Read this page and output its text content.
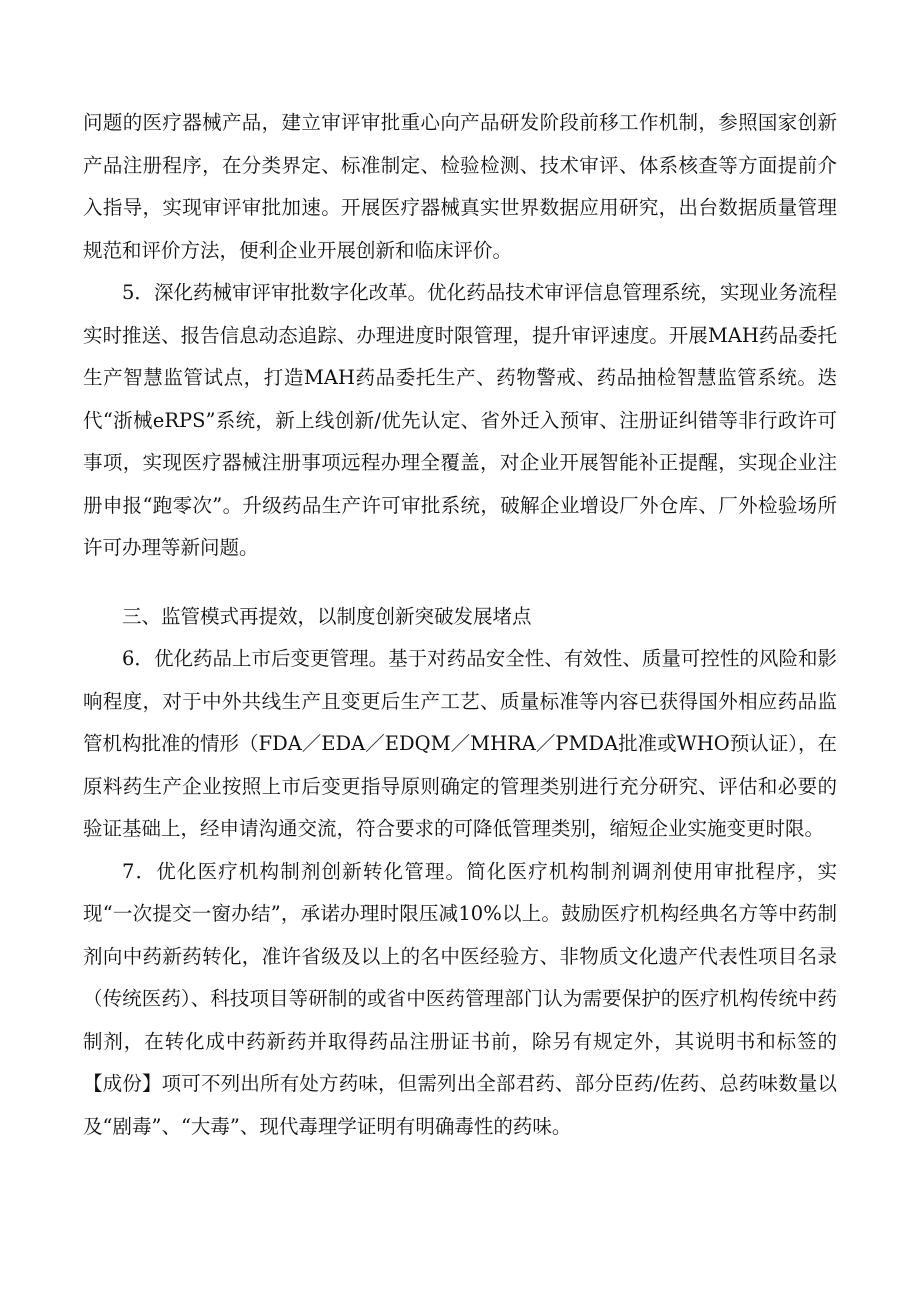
问题的医疗器械产品，建立审评审批重心向产品研发阶段前移工作机制，参照国家创新产品注册程序，在分类界定、标准制定、检验检测、技术审评、体系核查等方面提前介入指导，实现审评审批加速。开展医疗器械真实世界数据应用研究，出台数据质量管理规范和评价方法，便利企业开展创新和临床评价。

5．深化药械审评审批数字化改革。优化药品技术审评信息管理系统，实现业务流程实时推送、报告信息动态追踪、办理进度时限管理，提升审评速度。开展MAH药品委托生产智慧监管试点，打造MAH药品委托生产、药物警戒、药品抽检智慧监管系统。迭代“浙械eRPS”系统，新上线创新/优先认定、省外迁入预审、注册证纠错等非行政许可事项，实现医疗器械注册事项远程办理全覆盖，对企业开展智能补正提醒，实现企业注册申报“跑零次”。升级药品生产许可审批系统，破解企业增设厂外仓库、厂外检验场所许可办理等新问题。

三、监管模式再提效，以制度创新突破发展堵点

6．优化药品上市后变更管理。基于对药品安全性、有效性、质量可控性的风险和影响程度，对于中外共线生产且变更后生产工艺、质量标准等内容已获得国外相应药品监管机构批准的情形（FDA／EDA／EDQM／MHRA／PMDA批准或WHO预认证），在原料药生产企业按照上市后变更指导原则确定的管理类别进行充分研究、评估和必要的验证基础上，经申请沟通交流，符合要求的可降低管理类别，缩短企业实施变更时限。

7．优化医疗机构制剂创新转化管理。简化医疗机构制剂调剂使用审批程序，实现“一次提交一窗办结”，承诺办理时限压减10%以上。鼓励医疗机构经典名方等中药制剂向中药新药转化，准许省级及以上的名中医经验方、非物质文化遗产代表性项目名录（传统医药）、科技项目等研制的或省中医药管理部门认为需要保护的医疗机构传统中药制剂，在转化成中药新药并取得药品注册证书前，除另有规定外，其说明书和标签的【成份】项可不列出所有处方药味，但需列出全部君药、部分臣药/佐药、总药味数量以及“剧毒”、“大毒”、现代毒理学证明有明确毒性的药味。
